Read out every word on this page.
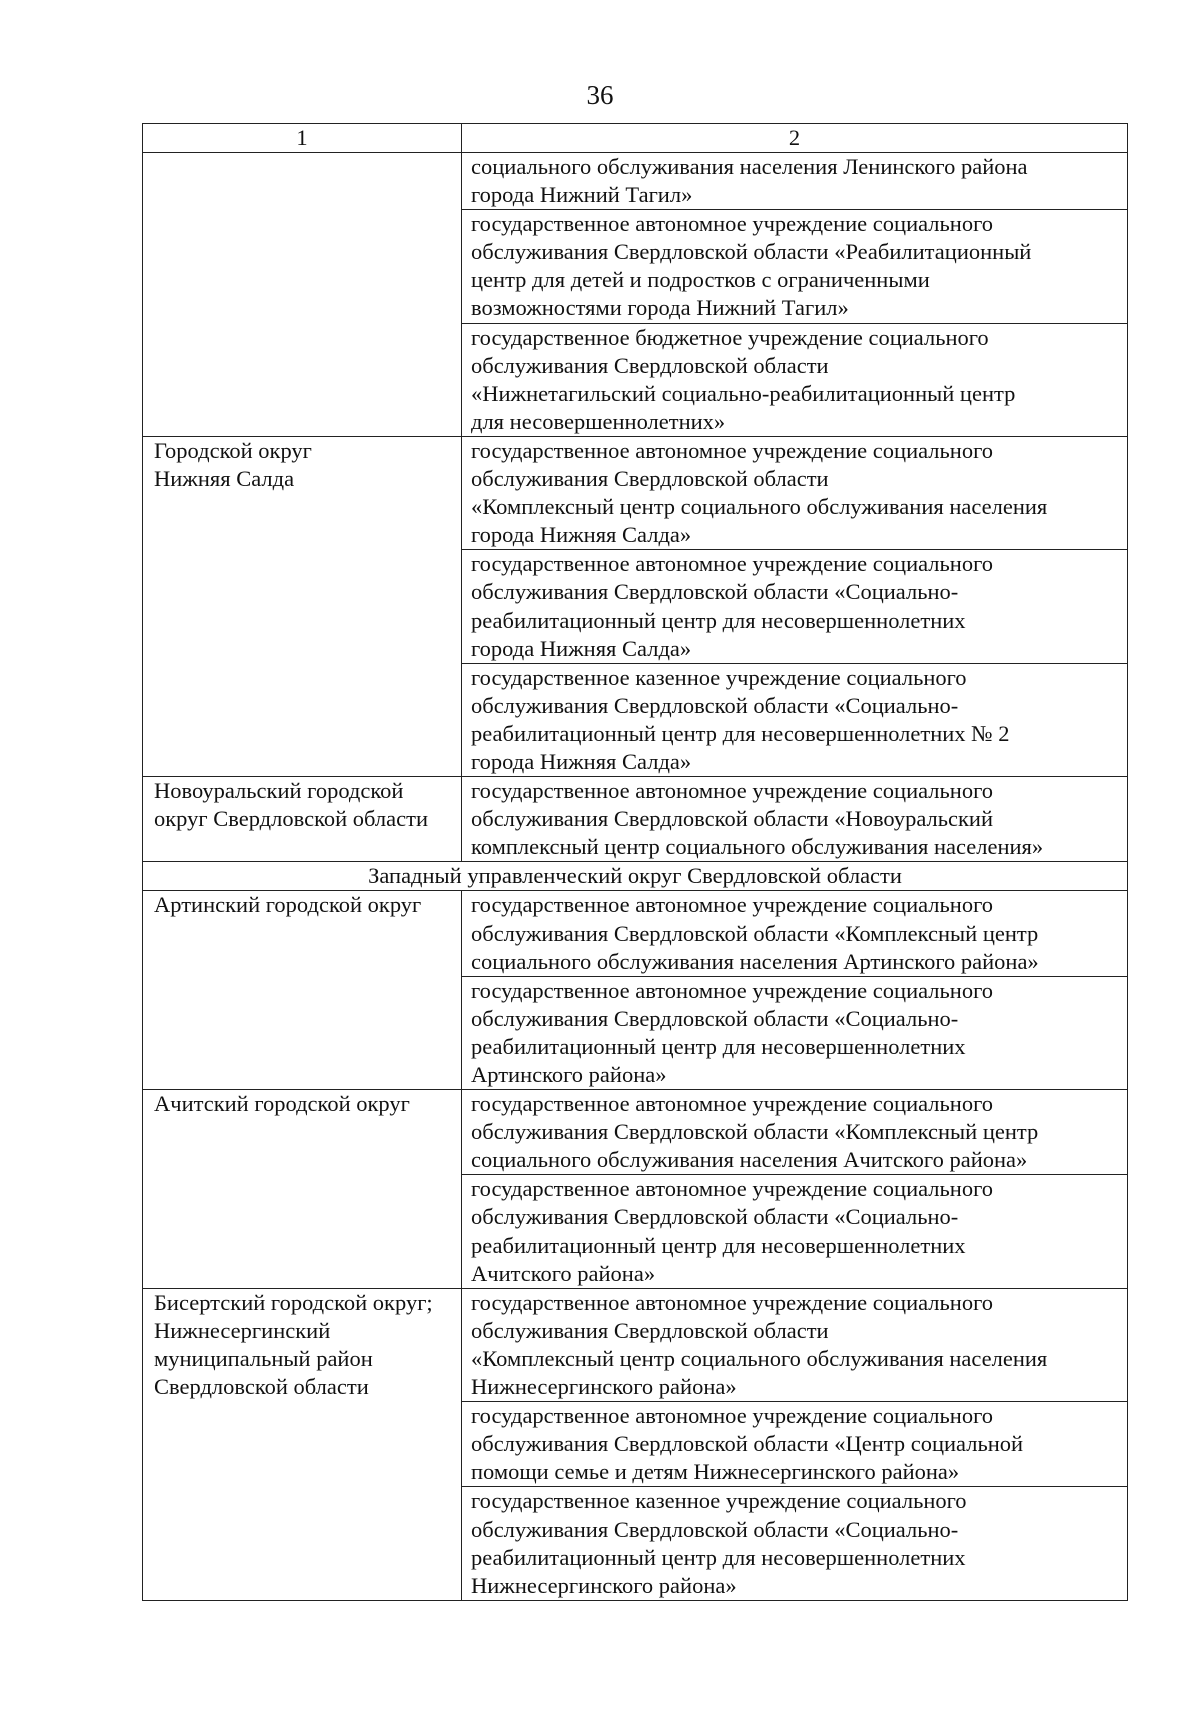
36
1	2

	социального обслуживания населения Ленинского района
города Нижний Тагил»

	государственное автономное учреждение социального
обслуживания Свердловской области «Реабилитационный
центр для детей и подростков с ограниченными
возможностями города Нижний Тагил»

	государственное бюджетное учреждение социального
обслуживания Свердловской области
«Нижнетагильский социально-реабилитационный центр
для несовершеннолетних»

Городской округ
Нижняя Салда	государственное автономное учреждение социального
обслуживания Свердловской области
«Комплексный центр социального обслуживания населения
города Нижняя Салда»

	государственное автономное учреждение социального
обслуживания Свердловской области «Социально-
реабилитационный центр для несовершеннолетних
города Нижняя Салда»

	государственное казенное учреждение социального
обслуживания Свердловской области «Социально-
реабилитационный центр для несовершеннолетних № 2
города Нижняя Салда»

Новоуральский городской
округ Свердловской области	государственное автономное учреждение социального
обслуживания Свердловской области «Новоуральский
комплексный центр социального обслуживания населения»

Западный управленческий округ Свердловской области	

Артинский городской округ	государственное автономное учреждение социального
обслуживания Свердловской области «Комплексный центр
социального обслуживания населения Артинского района»

	государственное автономное учреждение социального
обслуживания Свердловской области «Социально-
реабилитационный центр для несовершеннолетних
Артинского района»

Ачитский городской округ	государственное автономное учреждение социального
обслуживания Свердловской области «Комплексный центр
социального обслуживания населения Ачитского района»

	государственное автономное учреждение социального
обслуживания Свердловской области «Социально-
реабилитационный центр для несовершеннолетних
Ачитского района»

Бисертский городской округ;
Нижнесергинский
муниципальный район
Свердловской области	государственное автономное учреждение социального
обслуживания Свердловской области
«Комплексный центр социального обслуживания населения
Нижнесергинского района»

	государственное автономное учреждение социального
обслуживания Свердловской области «Центр социальной
помощи семье и детям Нижнесергинского района»

	государственное казенное учреждение социального
обслуживания Свердловской области «Социально-
реабилитационный центр для несовершеннолетних
Нижнесергинского района»
